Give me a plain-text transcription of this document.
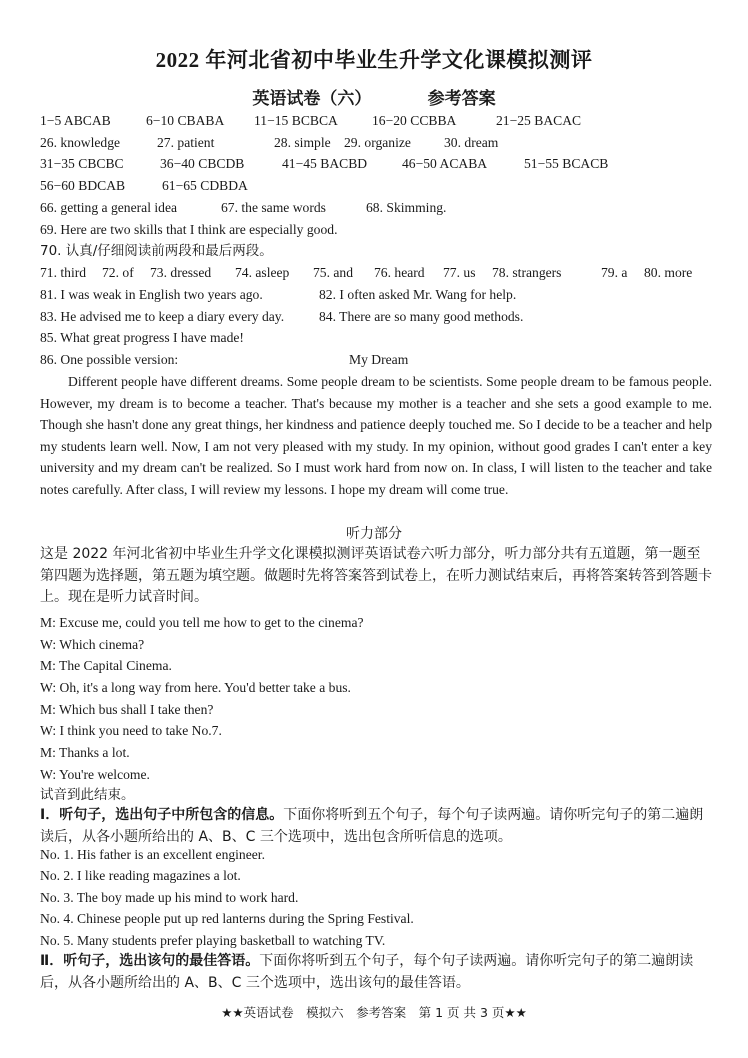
2022 年河北省初中毕业生升学文化课模拟测评
英语试卷（六）	参考答案
1−5 ABCAB	6−10 CBABA 11−15 BCBCA	16−20 CCBBA	21−25 BACAC
26. knowledge	27. patient	28. simple 29. organize 30. dream
31−35 CBCBC	36−40 CBCDB	41−45 BACBD	46−50 ACABA	51−55 BCACB
56−60 BDCAB	61−65 CDBDA
66. getting a general idea	67. the same words	68. Skimming.
69. Here are two skills that I think are especially good.
70. 认真/仔细阅读前两段和最后两段。
71. third 72. of 73. dressed 74. asleep 75. and 76. heard 77. us 78. strangers	79. a 80. more
81. I was weak in English two years ago.	82. I often asked Mr. Wang for help.
83. He advised me to keep a diary every day.	84. There are so many good methods.
85. What great progress I have made!
86. One possible version:	My Dream
Different people have different dreams. Some people dream to be scientists. Some people dream to be famous people. However, my dream is to become a teacher. That's because my mother is a teacher and she sets a good example to me. Though she hasn't done any great things, her kindness and patience deeply touched me. So I decide to be a teacher and help my students learn well. Now, I am not very pleased with my study. In my opinion, without good grades I can't enter a key university and my dream can't be realized. So I must work hard from now on. In class, I will listen to the teacher and take notes carefully. After class, I will review my lessons. I hope my dream will come true.
听力部分
这是 2022 年河北省初中毕业生升学文化课模拟测评英语试卷六听力部分，听力部分共有五道题，第一题至第四题为选择题，第五题为填空题。做题时先将答案答到试卷上，在听力测试结束后，再将答案转答到答题卡上。现在是听力试音时间。
M: Excuse me, could you tell me how to get to the cinema?
W: Which cinema?
M: The Capital Cinema.
W: Oh, it's a long way from here. You'd better take a bus.
M: Which bus shall I take then?
W: I think you need to take No.7.
M: Thanks a lot.
W: You're welcome.
试音到此结束。
Ⅰ．听句子，选出句子中所包含的信息。下面你将听到五个句子，每个句子读两遍。请你听完句子的第二遍朗读后，从各小题所给出的 A、B、C 三个选项中，选出包含所听信息的选项。
No. 1. His father is an excellent engineer.
No. 2. I like reading magazines a lot.
No. 3. The boy made up his mind to work hard.
No. 4. Chinese people put up red lanterns during the Spring Festival.
No. 5. Many students prefer playing basketball to watching TV.
Ⅱ．听句子，选出该句的最佳答语。下面你将听到五个句子，每个句子读两遍。请你听完句子的第二遍朗读后，从各小题所给出的 A、B、C 三个选项中，选出该句的最佳答语。
★★英语试卷　模拟六　参考答案　第 1 页 共 3 页★★
